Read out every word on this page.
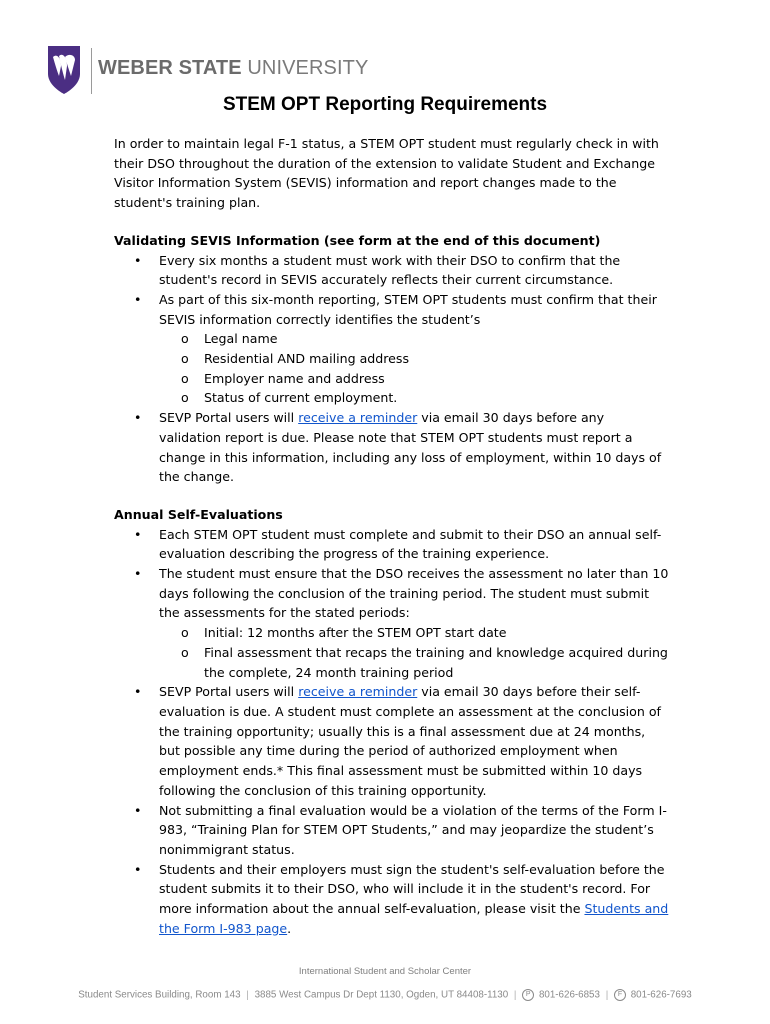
WEBER STATE UNIVERSITY
STEM OPT Reporting Requirements

In order to maintain legal F-1 status, a STEM OPT student must regularly check in with their DSO throughout the duration of the extension to validate Student and Exchange Visitor Information System (SEVIS) information and report changes made to the student's training plan.

Validating SEVIS Information (see form at the end of this document)
• Every six months a student must work with their DSO to confirm that the student's record in SEVIS accurately reflects their current circumstance.
• As part of this six-month reporting, STEM OPT students must confirm that their SEVIS information correctly identifies the student’s
o Legal name
o Residential AND mailing address
o Employer name and address
o Status of current employment.
• SEVP Portal users will receive a reminder via email 30 days before any validation report is due. Please note that STEM OPT students must report a change in this information, including any loss of employment, within 10 days of the change.
Annual Self-Evaluations
• Each STEM OPT student must complete and submit to their DSO an annual self-evaluation describing the progress of the training experience.
• The student must ensure that the DSO receives the assessment no later than 10 days following the conclusion of the training period. The student must submit the assessments for the stated periods:
o Initial: 12 months after the STEM OPT start date
o Final assessment that recaps the training and knowledge acquired during the complete, 24 month training period
• SEVP Portal users will receive a reminder via email 30 days before their self-evaluation is due. A student must complete an assessment at the conclusion of the training opportunity; usually this is a final assessment due at 24 months, but possible any time during the period of authorized employment when employment ends.* This final assessment must be submitted within 10 days following the conclusion of this training opportunity.
• Not submitting a final evaluation would be a violation of the terms of the Form I-983, “Training Plan for STEM OPT Students,” and may jeopardize the student’s nonimmigrant status.
• Students and their employers must sign the student's self-evaluation before the student submits it to their DSO, who will include it in the student's record. For more information about the annual self-evaluation, please visit the Students and the Form I-983 page.
International Student and Scholar Center
Student Services Building, Room 143 | 3885 West Campus Dr Dept 1130, Ogden, UT 84408-1130 | P 801-626-6853 | F 801-626-7693
